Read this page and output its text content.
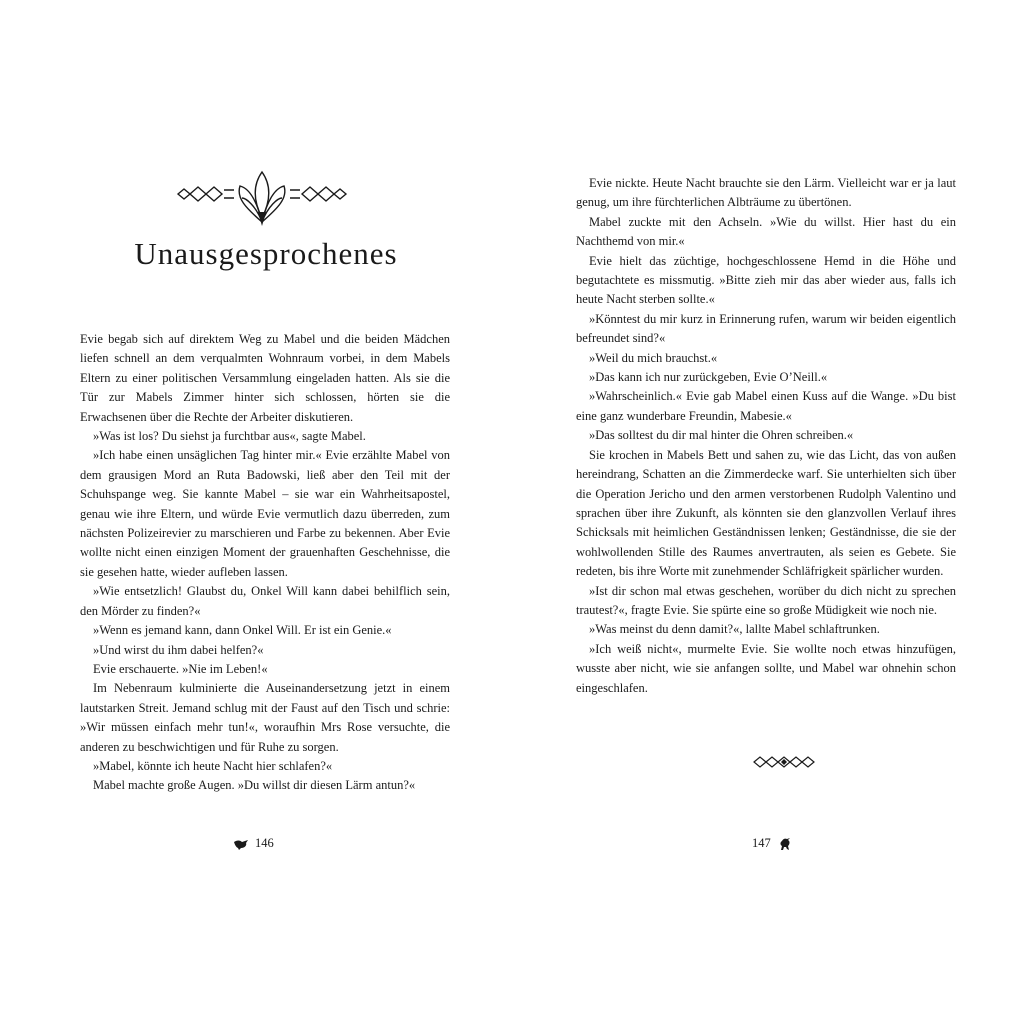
Unausgesprochenes

Evie begab sich auf direktem Weg zu Mabel und die beiden Mädchen liefen schnell an dem verqualmten Wohnraum vorbei, in dem Mabels Eltern zu einer politischen Versammlung eingeladen hatten. Als sie die Tür zur Mabels Zimmer hinter sich schlossen, hörten sie die Erwachsenen über die Rechte der Arbeiter diskutieren.

»Was ist los? Du siehst ja furchtbar aus«, sagte Mabel.

»Ich habe einen unsäglichen Tag hinter mir.« Evie erzählte Mabel von dem grausigen Mord an Ruta Badowski, ließ aber den Teil mit der Schuhspange weg. Sie kannte Mabel – sie war ein Wahrheitsapostel, genau wie ihre Eltern, und würde Evie vermutlich dazu überreden, zum nächsten Polizeirevier zu marschieren und Farbe zu bekennen. Aber Evie wollte nicht einen einzigen Moment der grauenhaften Geschehnisse, die sie gesehen hatte, wieder aufleben lassen.

»Wie entsetzlich! Glaubst du, Onkel Will kann dabei behilflich sein, den Mörder zu finden?«

»Wenn es jemand kann, dann Onkel Will. Er ist ein Genie.«

»Und wirst du ihm dabei helfen?«

Evie erschauerte. »Nie im Leben!«

Im Nebenraum kulminierte die Auseinandersetzung jetzt in einem lautstarken Streit. Jemand schlug mit der Faust auf den Tisch und schrie: »Wir müssen einfach mehr tun!«, woraufhin Mrs Rose versuchte, die anderen zu beschwichtigen und für Ruhe zu sorgen.

»Mabel, könnte ich heute Nacht hier schlafen?«

Mabel machte große Augen. »Du willst dir diesen Lärm antun?«

146

Evie nickte. Heute Nacht brauchte sie den Lärm. Vielleicht war er ja laut genug, um ihre fürchterlichen Albträume zu übertönen.

Mabel zuckte mit den Achseln. »Wie du willst. Hier hast du ein Nachthemd von mir.«

Evie hielt das züchtige, hochgeschlossene Hemd in die Höhe und begutachtete es missmutig. »Bitte zieh mir das aber wieder aus, falls ich heute Nacht sterben sollte.«

»Könntest du mir kurz in Erinnerung rufen, warum wir beiden eigentlich befreundet sind?«

»Weil du mich brauchst.«

»Das kann ich nur zurückgeben, Evie O’Neill.«

»Wahrscheinlich.« Evie gab Mabel einen Kuss auf die Wange. »Du bist eine ganz wunderbare Freundin, Mabesie.«

»Das solltest du dir mal hinter die Ohren schreiben.«

Sie krochen in Mabels Bett und sahen zu, wie das Licht, das von außen hereindrang, Schatten an die Zimmerdecke warf. Sie unterhielten sich über die Operation Jericho und den armen verstorbenen Rudolph Valentino und sprachen über ihre Zukunft, als könnten sie den glanzvollen Verlauf ihres Schicksals mit heimlichen Geständnissen lenken; Geständnisse, die sie der wohlwollenden Stille des Raumes anvertrauten, als seien es Gebete. Sie redeten, bis ihre Worte mit zunehmender Schläfrigkeit spärlicher wurden.

»Ist dir schon mal etwas geschehen, worüber du dich nicht zu sprechen trautest?«, fragte Evie. Sie spürte eine so große Müdigkeit wie noch nie.

»Was meinst du denn damit?«, lallte Mabel schlaftrunken.

»Ich weiß nicht«, murmelte Evie. Sie wollte noch etwas hinzufügen, wusste aber nicht, wie sie anfangen sollte, und Mabel war ohnehin schon eingeschlafen.

147
